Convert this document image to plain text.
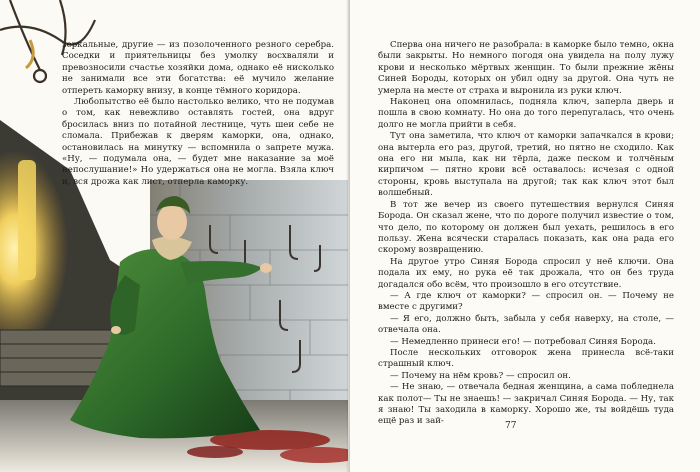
зеркальные, другие — из позолоченного резного серебра. Соседки и приятельницы без умолку восхваляли и превозносили счастье хозяйки дома, однако её нисколько не занимали все эти богатства: её мучило желание отпереть каморку внизу, в конце тёмного коридора.

Любопытство её было настолько велико, что не подумав о том, как невежливо оставлять гостей, она вдруг бросилась вниз по потайной лестнице, чуть шеи себе не сломала. Прибежав к дверям каморки, она, однако, остановилась на минутку — вспомнила о запрете мужа. «Ну, — подумала она, — будет мне наказание за моё непослушание!» Но удержаться она не могла. Взяла ключ и, вся дрожа как лист, отперла каморку.

Сперва она ничего не разобрала: в каморке было темно, окна были закрыты. Но немного погодя она увидела на полу лужу крови и несколько мёртвых женщин. То были прежние жёны Синей Бороды, которых он убил одну за другой. Она чуть не умерла на месте от страха и выронила из руки ключ.

Наконец она опомнилась, подняла ключ, заперла дверь и пошла в свою комнату. Но она до того перепугалась, что очень долго не могла прийти в себя.

Тут она заметила, что ключ от каморки запачкался в крови; она вытерла его раз, другой, третий, но пятно не сходило. Как она его ни мыла, как ни тёрла, даже песком и толчёным кирпичом — пятно крови всё оставалось: исчезая с одной стороны, кровь выступала на другой; так как ключ этот был волшебный.

В тот же вечер из своего путешествия вернулся Синяя Борода. Он сказал жене, что по дороге получил известие о том, что дело, по которому он должен был уехать, решилось в его пользу. Жена всячески старалась показать, как она рада его скорому возвращению.

На другое утро Синяя Борода спросил у неё ключи. Она подала их ему, но рука её так дрожала, что он без труда догадался обо всём, что произошло в его отсутствие.

— А где ключ от каморки? — спросил он. — Почему не вместе с другими?

— Я его, должно быть, забыла у себя наверху, на столе, — отвечала она.

— Немедленно принеси его! — потребовал Синяя Борода.

После нескольких отговорок жена принесла всё-таки страшный ключ.

— Почему на нём кровь? — спросил он.

— Не знаю, — отвечала бедная женщина, а сама побледнела как полот— Ты не знаешь! — закричал Синяя Борода. — Ну, так я знаю! Ты заходила в каморку. Хорошо же, ты войдёшь туда ещё раз и зай-	77
